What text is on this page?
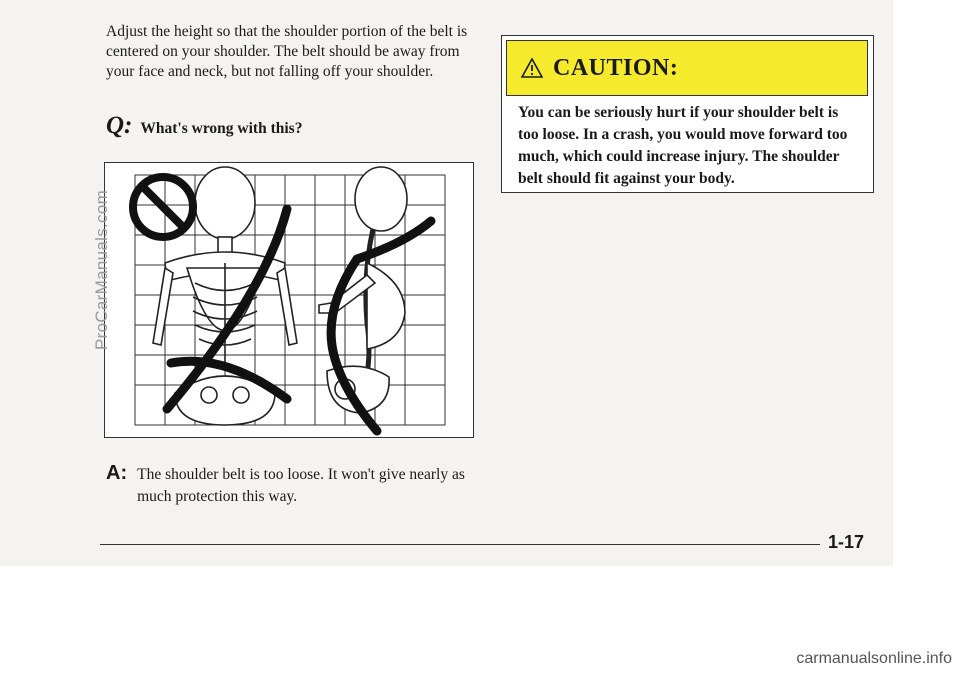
Adjust the height so that the shoulder portion of the belt is centered on your shoulder. The belt should be away from your face and neck, but not falling off your shoulder.

Q: What's wrong with this?
A: The shoulder belt is too loose. It won't give nearly as much protection this way.
CAUTION:

You can be seriously hurt if your shoulder belt is too loose. In a crash, you would move forward too much, which could increase injury. The shoulder belt should fit against your body.

1-17
ProCarManuals.com
carmanualsonline.info
